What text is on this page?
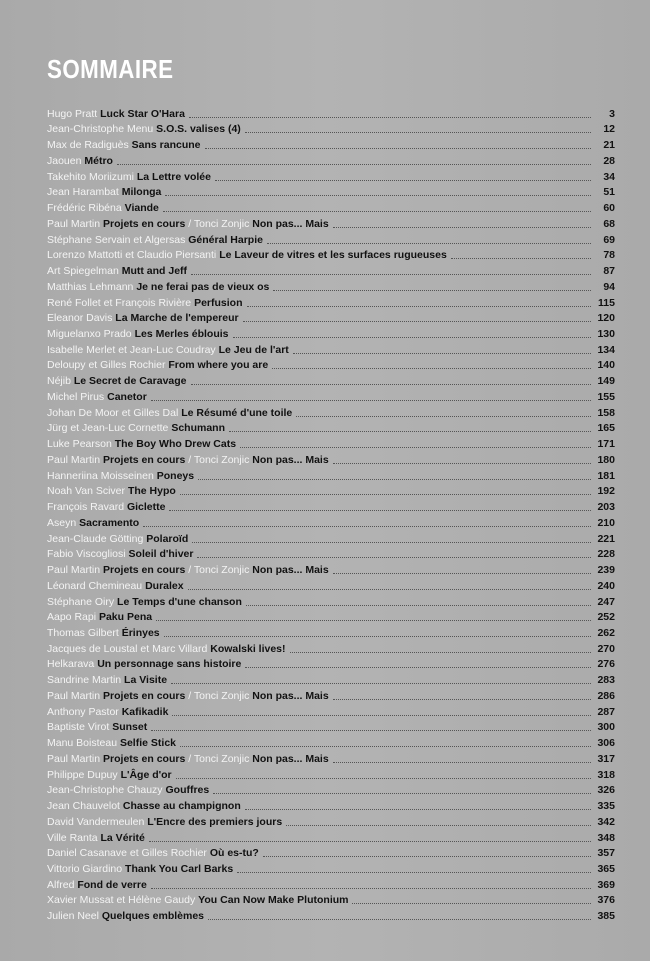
SOMMAIRE
Hugo Pratt Luck Star O'Hara	3
Jean-Christophe Menu S.O.S. valises (4)	12
Max de Radiguès Sans rancune	21
Jaouen Métro	28
Takehito Moriizumi La Lettre volée	34
Jean Harambat Milonga	51
Frédéric Ribéna Viande	60
Paul Martin Projets en cours / Tonci Zonjic Non pas... Mais	68
Stéphane Servain et Algersas Général Harpie	69
Lorenzo Mattotti et Claudio Piersanti Le Laveur de vitres et les surfaces rugueuses	78
Art Spiegelman Mutt and Jeff	87
Matthias Lehmann Je ne ferai pas de vieux os	94
René Follet et François Rivière Perfusion	115
Eleanor Davis La Marche de l'empereur	120
Miguelanxo Prado Les Merles éblouis	130
Isabelle Merlet et Jean-Luc Coudray Le Jeu de l'art	134
Deloupy et Gilles Rochier From where you are	140
Néjib Le Secret de Caravage	149
Michel Pirus Canetor	155
Johan De Moor et Gilles Dal Le Résumé d'une toile	158
Jürg et Jean-Luc Cornette Schumann	165
Luke Pearson The Boy Who Drew Cats	171
Paul Martin Projets en cours / Tonci Zonjic Non pas... Mais	180
Hanneriina Moisseinen Poneys	181
Noah Van Sciver The Hypo	192
François Ravard Giclette	203
Aseyn Sacramento	210
Jean-Claude Götting Polaroïd	221
Fabio Viscogliosi Soleil d'hiver	228
Paul Martin Projets en cours / Tonci Zonjic Non pas... Mais	239
Léonard Chemineau Duralex	240
Stéphane Oiry Le Temps d'une chanson	247
Aapo Rapi Paku Pena	252
Thomas Gilbert Érinyes	262
Jacques de Loustal et Marc Villard Kowalski lives!	270
Helkarava Un personnage sans histoire	276
Sandrine Martin La Visite	283
Paul Martin Projets en cours / Tonci Zonjic Non pas... Mais	286
Anthony Pastor Kafikadik	287
Baptiste Virot Sunset	300
Manu Boisteau Selfie Stick	306
Paul Martin Projets en cours / Tonci Zonjic Non pas... Mais	317
Philippe Dupuy L'Âge d'or	318
Jean-Christophe Chauzy Gouffres	326
Jean Chauvelot Chasse au champignon	335
David Vandermeulen L'Encre des premiers jours	342
Ville Ranta La Vérité	348
Daniel Casanave et Gilles Rochier Où es-tu?	357
Vittorio Giardino Thank You Carl Barks	365
Alfred Fond de verre	369
Xavier Mussat et Hélène Gaudy You Can Now Make Plutonium	376
Julien Neel Quelques emblèmes	385
